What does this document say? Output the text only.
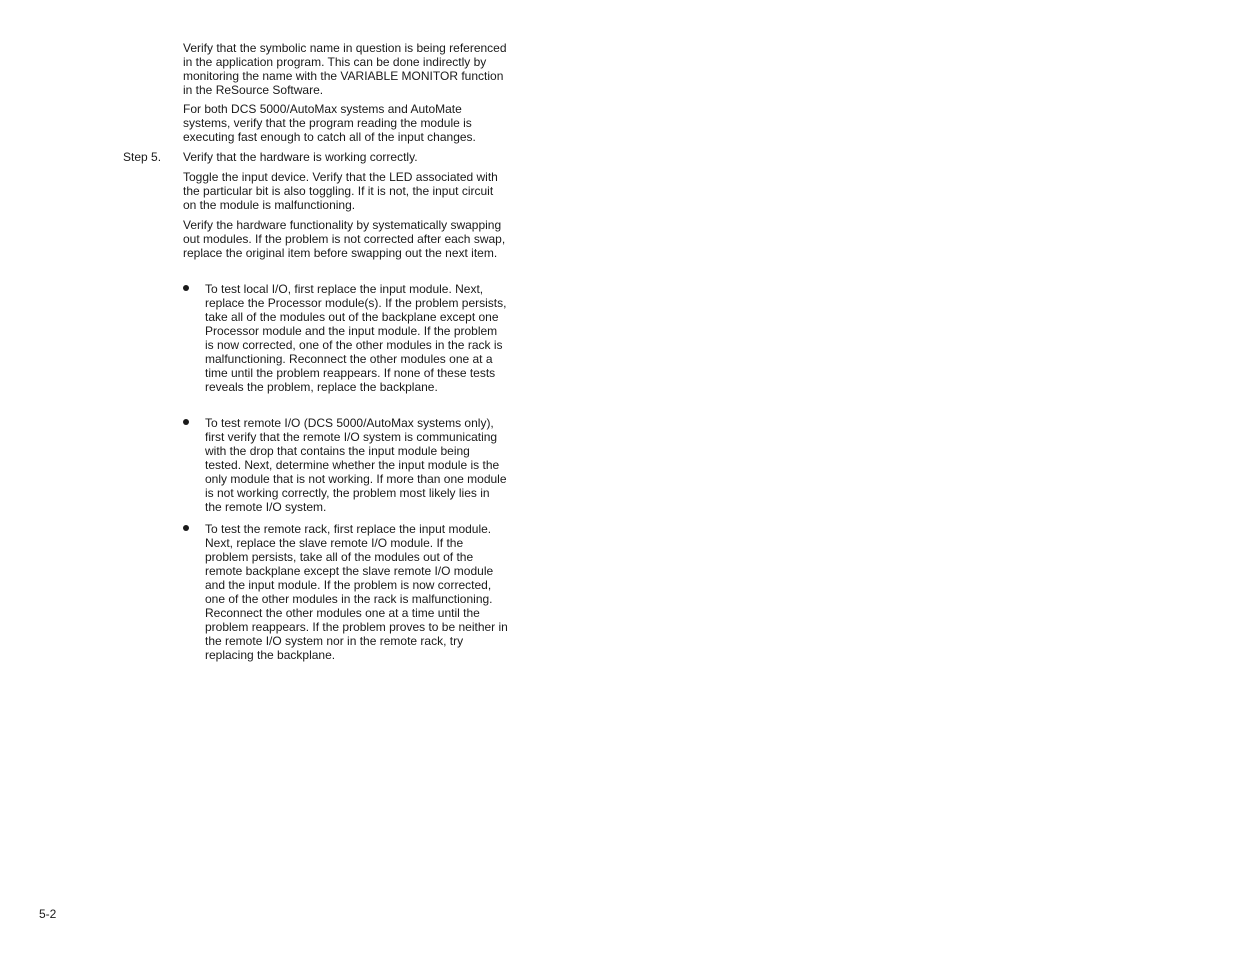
Verify that the symbolic name in question is being referenced in the application program. This can be done indirectly by monitoring the name with the VARIABLE MONITOR function in the ReSource Software.

For both DCS 5000/AutoMax systems and AutoMate systems, verify that the program reading the module is executing fast enough to catch all of the input changes.

Step 5. Verify that the hardware is working correctly.

Toggle the input device. Verify that the LED associated with the particular bit is also toggling. If it is not, the input circuit on the module is malfunctioning.

Verify the hardware functionality by systematically swapping out modules. If the problem is not corrected after each swap, replace the original item before swapping out the next item.

To test local I/O, first replace the input module. Next, replace the Processor module(s). If the problem persists, take all of the modules out of the backplane except one Processor module and the input module. If the problem is now corrected, one of the other modules in the rack is malfunctioning. Reconnect the other modules one at a time until the problem reappears. If none of these tests reveals the problem, replace the backplane.

To test remote I/O (DCS 5000/AutoMax systems only), first verify that the remote I/O system is communicating with the drop that contains the input module being tested. Next, determine whether the input module is the only module that is not working. If more than one module is not working correctly, the problem most likely lies in the remote I/O system.

To test the remote rack, first replace the input module. Next, replace the slave remote I/O module. If the problem persists, take all of the modules out of the remote backplane except the slave remote I/O module and the input module. If the problem is now corrected, one of the other modules in the rack is malfunctioning. Reconnect the other modules one at a time until the problem reappears. If the problem proves to be neither in the remote I/O system nor in the remote rack, try replacing the backplane.

5-2
